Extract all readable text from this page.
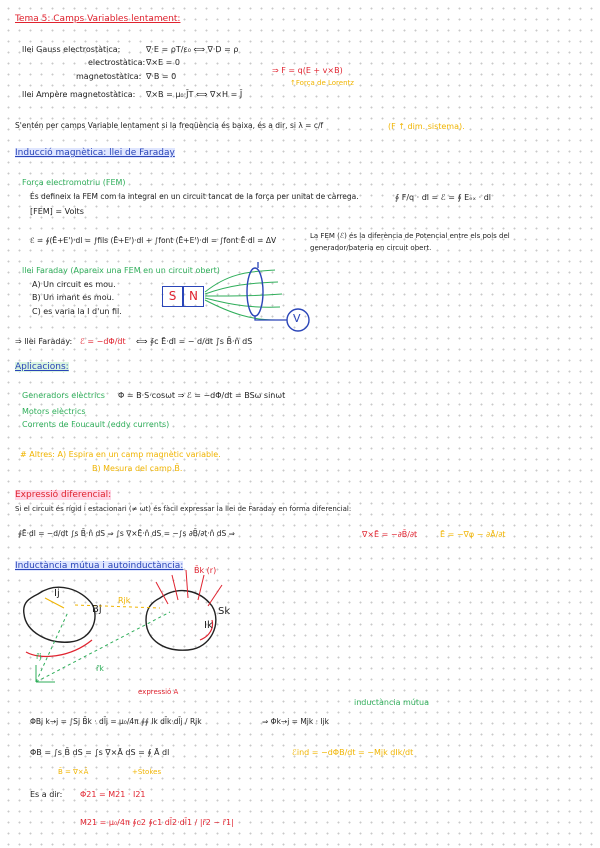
Tema 5: Camps Variables lentament:
llei Gauss electrostàtica:	∇·E = ρT/ε₀ ⟺ ∇·D = ρ
electrostàtica: ∇×E = 0
magnetostàtica: ∇·B = 0
llei Ampère magnetostàtica: ∇×B = μ₀·J̄T ⟺ ∇×H = J̄
⇒ F = q(E + v×B)
↑Força de Lorentz
S'entén per camps Variable lentament si la freqüència és baixa, és a dir, si λ = c/f	(F ↑ dim. sistema).
Inducció magnètica: llei de Faraday
Força electromotriu (FEM)
És defineix la FEM com la integral en un circuit tancat de la força per unitat de càrrega.	∮ F/q · dl = ℰ = ∮ Eₑₓ · dl
[FEM] = Volts
ℰ = ∮(Ē+E')·dl = ∫fils (Ē+E')·dl + ∫font (Ē+E')·dl = ∫font Ē·dl = ΔV	La FEM (ℰ) és la diferència de Potencial entre els pols del
generador/bateria en circuit obert.
llei Faraday (Apareix una FEM en un circuit obert)
A) Un circuit es mou.
B) Un imant es mou.
C) es varia la I d'un fil.
S	N
V
⇒ llei Faraday: ℰ = −dΦ/dt ⟺ ∮c Ē·dl = − d/dt ∫s B̄·n̂ dS
Aplicacions:
Generadors elèctrics Φ = B·S·cosωt ⇒ ℰ = −dΦ/dt = BSω sinωt
Motors elèctrics
Corrents de Foucault (eddy currents)
# Altres: A) Espira en un camp magnètic variable.
B) Mesura del camp B̄.
Expressió diferencial:
Si el circuit és rígid i estacionari (≠ ωt) és fàcil expressar la llei de Faraday en forma diferencial:
∮Ē·dl = −d/dt ∫s B̄·n̂ dS ⇒ ∫s ∇×Ē·n̂ dS = −∫s ∂B̄/∂t·n̂ dS ⇒	∇×Ē = −∂B̄/∂t	Ē = −∇φ − ∂Ā/∂t
Inductància mútua i autoinductància: B̄k (r)
Sk
Ik
Ij
Bj
Rjk
r̄j
r̄k
expressió A
inductància mútua
ΦBj k→j = ∫Sj B̄k · dl̄j = μ₀/4π ∮∮ Ik dl̄k·dl̄j / Rjk	⇒ Φk→j = Mjk · Ijk
ΦB = ∫s B̄ dS = ∫s ∇×Ā dS = ∮ Ā dl
B̄ = ∇×Ā	+Stokes
ℰind = −dΦB/dt = −Mjk dIk/dt
Es a dir: Φ21 = M21 · I21
M21 = μ₀/4π ∮c2 ∮c1 dl̄2·dl̄1 / |r̄2 − r̄1|
